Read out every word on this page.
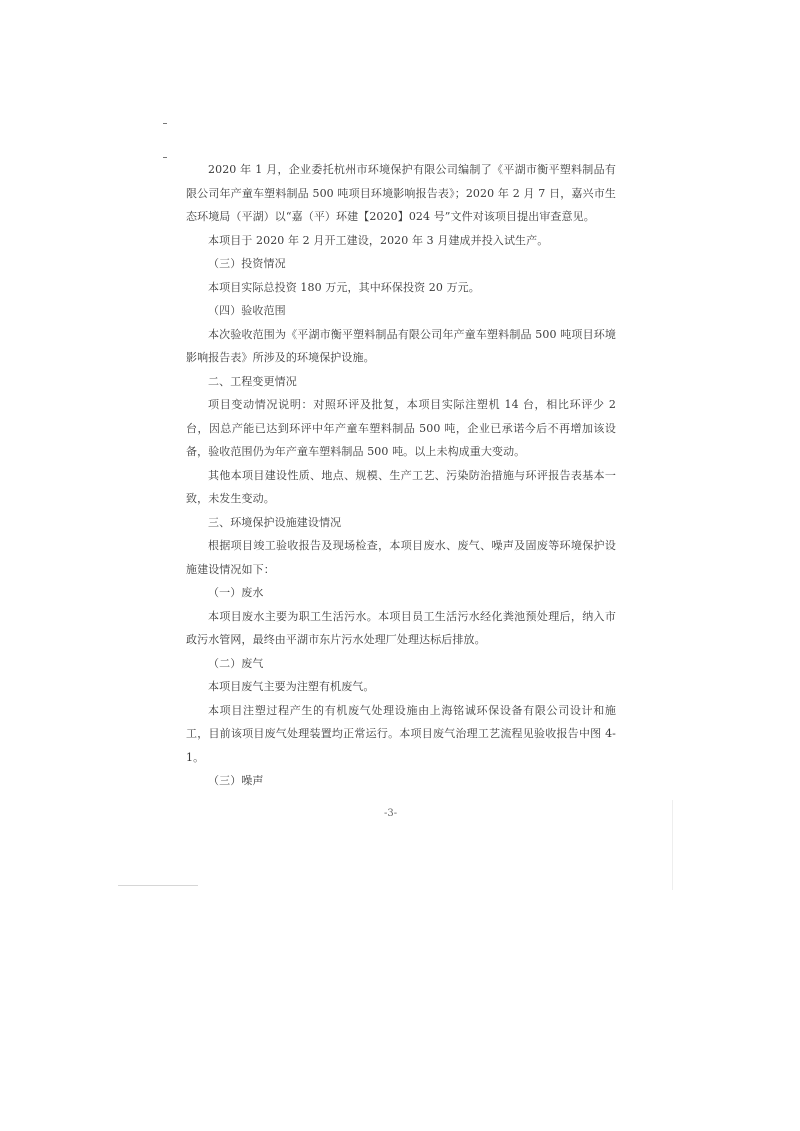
2020 年 1 月，企业委托杭州市环境保护有限公司编制了《平湖市衡平塑料制品有限公司年产童车塑料制品 500 吨项目环境影响报告表》；2020 年 2 月 7 日，嘉兴市生态环境局（平湖）以“嘉（平）环建【2020】024 号”文件对该项目提出审查意见。

本项目于 2020 年 2 月开工建设，2020 年 3 月建成并投入试生产。

（三）投资情况

本项目实际总投资 180 万元，其中环保投资 20 万元。

（四）验收范围

本次验收范围为《平湖市衡平塑料制品有限公司年产童车塑料制品 500 吨项目环境影响报告表》所涉及的环境保护设施。

二、工程变更情况

项目变动情况说明：对照环评及批复，本项目实际注塑机 14 台，相比环评少 2 台，因总产能已达到环评中年产童车塑料制品 500 吨，企业已承诺今后不再增加该设备，验收范围仍为年产童车塑料制品 500 吨。以上未构成重大变动。

其他本项目建设性质、地点、规模、生产工艺、污染防治措施与环评报告表基本一致，未发生变动。

三、环境保护设施建设情况

根据项目竣工验收报告及现场检查，本项目废水、废气、噪声及固废等环境保护设施建设情况如下：

（一）废水

本项目废水主要为职工生活污水。本项目员工生活污水经化粪池预处理后，纳入市政污水管网，最终由平湖市东片污水处理厂处理达标后排放。

（二）废气

本项目废气主要为注塑有机废气。

本项目注塑过程产生的有机废气处理设施由上海铭诚环保设备有限公司设计和施工，目前该项目废气处理装置均正常运行。本项目废气治理工艺流程见验收报告中图 4-1。

（三）噪声

-3-
